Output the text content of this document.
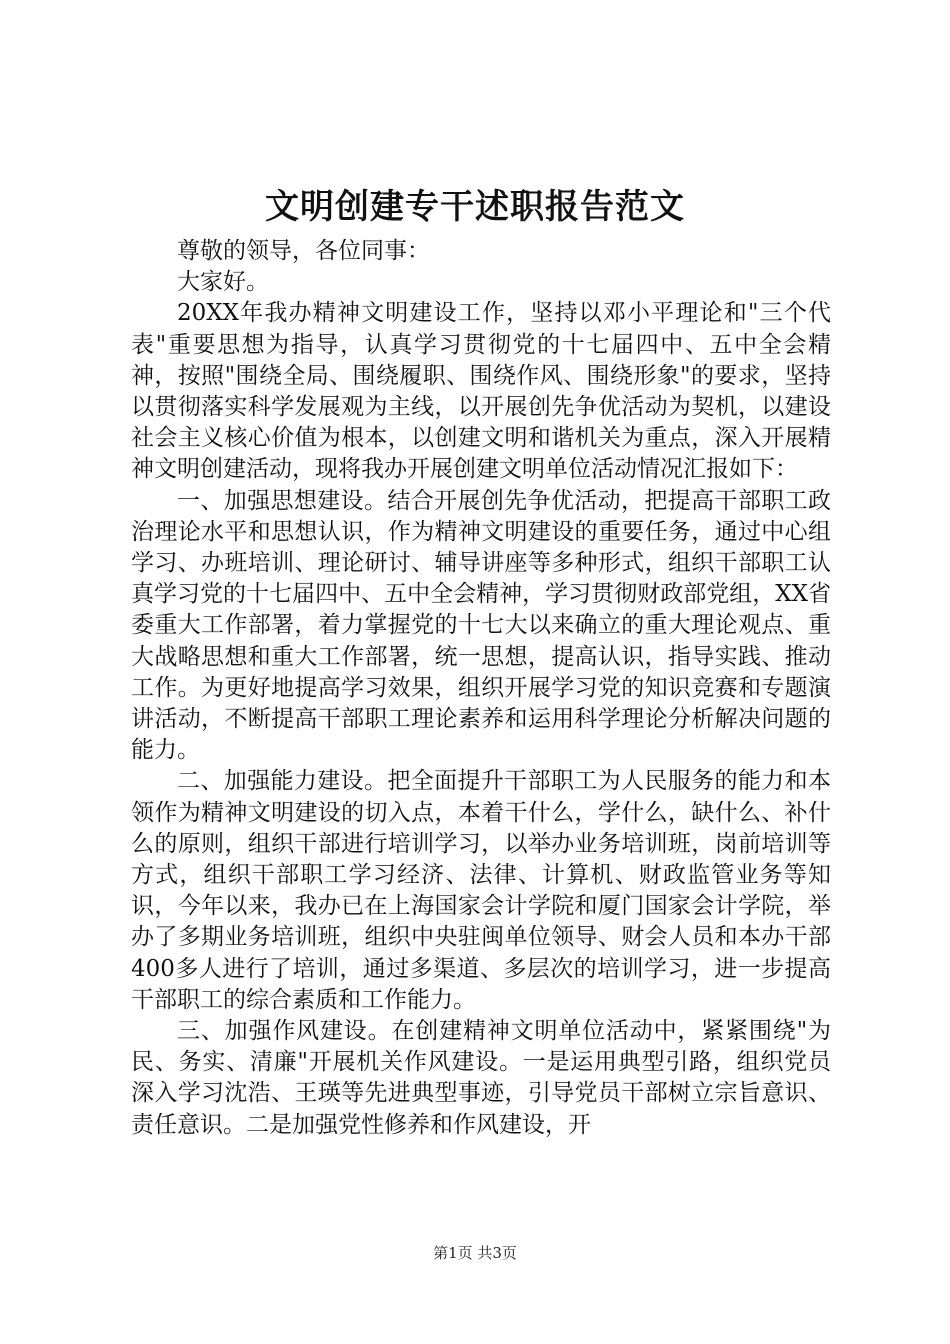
文明创建专干述职报告范文

尊敬的领导，各位同事：

大家好。

20XX年我办精神文明建设工作，坚持以邓小平理论和"三个代表"重要思想为指导，认真学习贯彻党的十七届四中、五中全会精神，按照"围绕全局、围绕履职、围绕作风、围绕形象"的要求，坚持以贯彻落实科学发展观为主线，以开展创先争优活动为契机，以建设社会主义核心价值为根本，以创建文明和谐机关为重点，深入开展精神文明创建活动，现将我办开展创建文明单位活动情况汇报如下：

一、加强思想建设。结合开展创先争优活动，把提高干部职工政治理论水平和思想认识，作为精神文明建设的重要任务，通过中心组学习、办班培训、理论研讨、辅导讲座等多种形式，组织干部职工认真学习党的十七届四中、五中全会精神，学习贯彻财政部党组，XX省委重大工作部署，着力掌握党的十七大以来确立的重大理论观点、重大战略思想和重大工作部署，统一思想，提高认识，指导实践、推动工作。为更好地提高学习效果，组织开展学习党的知识竞赛和专题演讲活动，不断提高干部职工理论素养和运用科学理论分析解决问题的能力。

二、加强能力建设。把全面提升干部职工为人民服务的能力和本领作为精神文明建设的切入点，本着干什么，学什么，缺什么、补什么的原则，组织干部进行培训学习，以举办业务培训班，岗前培训等方式，组织干部职工学习经济、法律、计算机、财政监管业务等知识，今年以来，我办已在上海国家会计学院和厦门国家会计学院，举办了多期业务培训班，组织中央驻闽单位领导、财会人员和本办干部400多人进行了培训，通过多渠道、多层次的培训学习，进一步提高干部职工的综合素质和工作能力。

三、加强作风建设。在创建精神文明单位活动中，紧紧围绕"为民、务实、清廉"开展机关作风建设。一是运用典型引路，组织党员深入学习沈浩、王瑛等先进典型事迹，引导党员干部树立宗旨意识、责任意识。二是加强党性修养和作风建设，开

第1页 共3页
